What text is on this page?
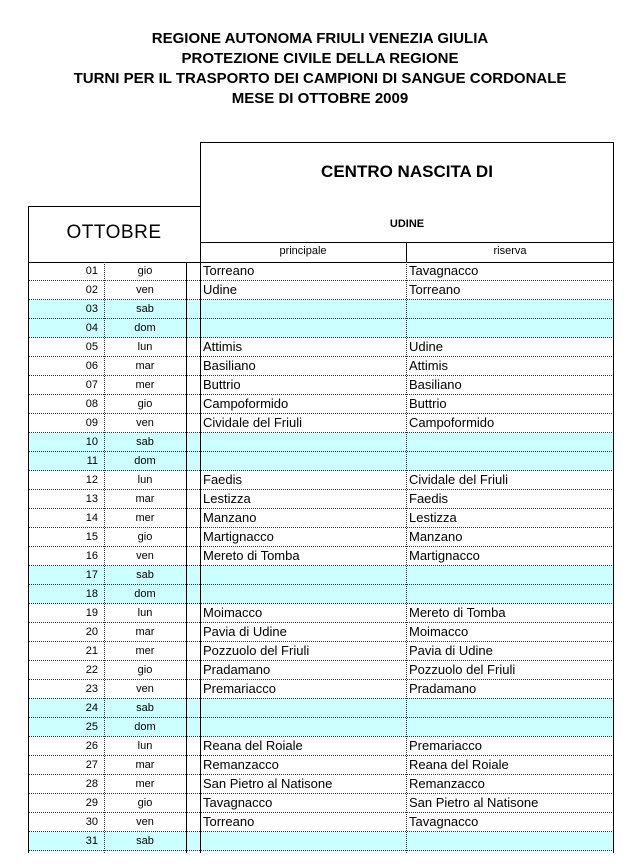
REGIONE AUTONOMA FRIULI VENEZIA GIULIA
PROTEZIONE CIVILE DELLA REGIONE
TURNI PER IL TRASPORTO DEI CAMPIONI DI SANGUE CORDONALE
MESE DI OTTOBRE 2009
OTTOBRE
CENTRO NASCITA DI
UDINE
principale	riserva
01	gio	Torreano	Tavagnacco
02	ven	Udine	Torreano
03	sab
04	dom
05	lun	Attimis	Udine
06	mar	Basiliano	Attimis
07	mer	Buttrio	Basiliano
08	gio	Campoformido	Buttrio
09	ven	Cividale del Friuli	Campoformido
10	sab
11	dom
12	lun	Faedis	Cividale del Friuli
13	mar	Lestizza	Faedis
14	mer	Manzano	Lestizza
15	gio	Martignacco	Manzano
16	ven	Mereto di Tomba	Martignacco
17	sab
18	dom
19	lun	Moimacco	Mereto di Tomba
20	mar	Pavia di Udine	Moimacco
21	mer	Pozzuolo del Friuli	Pavia di Udine
22	gio	Pradamano	Pozzuolo del Friuli
23	ven	Premariacco	Pradamano
24	sab
25	dom
26	lun	Reana del Roiale	Premariacco
27	mar	Remanzacco	Reana del Roiale
28	mer	San Pietro al Natisone	Remanzacco
29	gio	Tavagnacco	San Pietro al Natisone
30	ven	Torreano	Tavagnacco
31	sab
